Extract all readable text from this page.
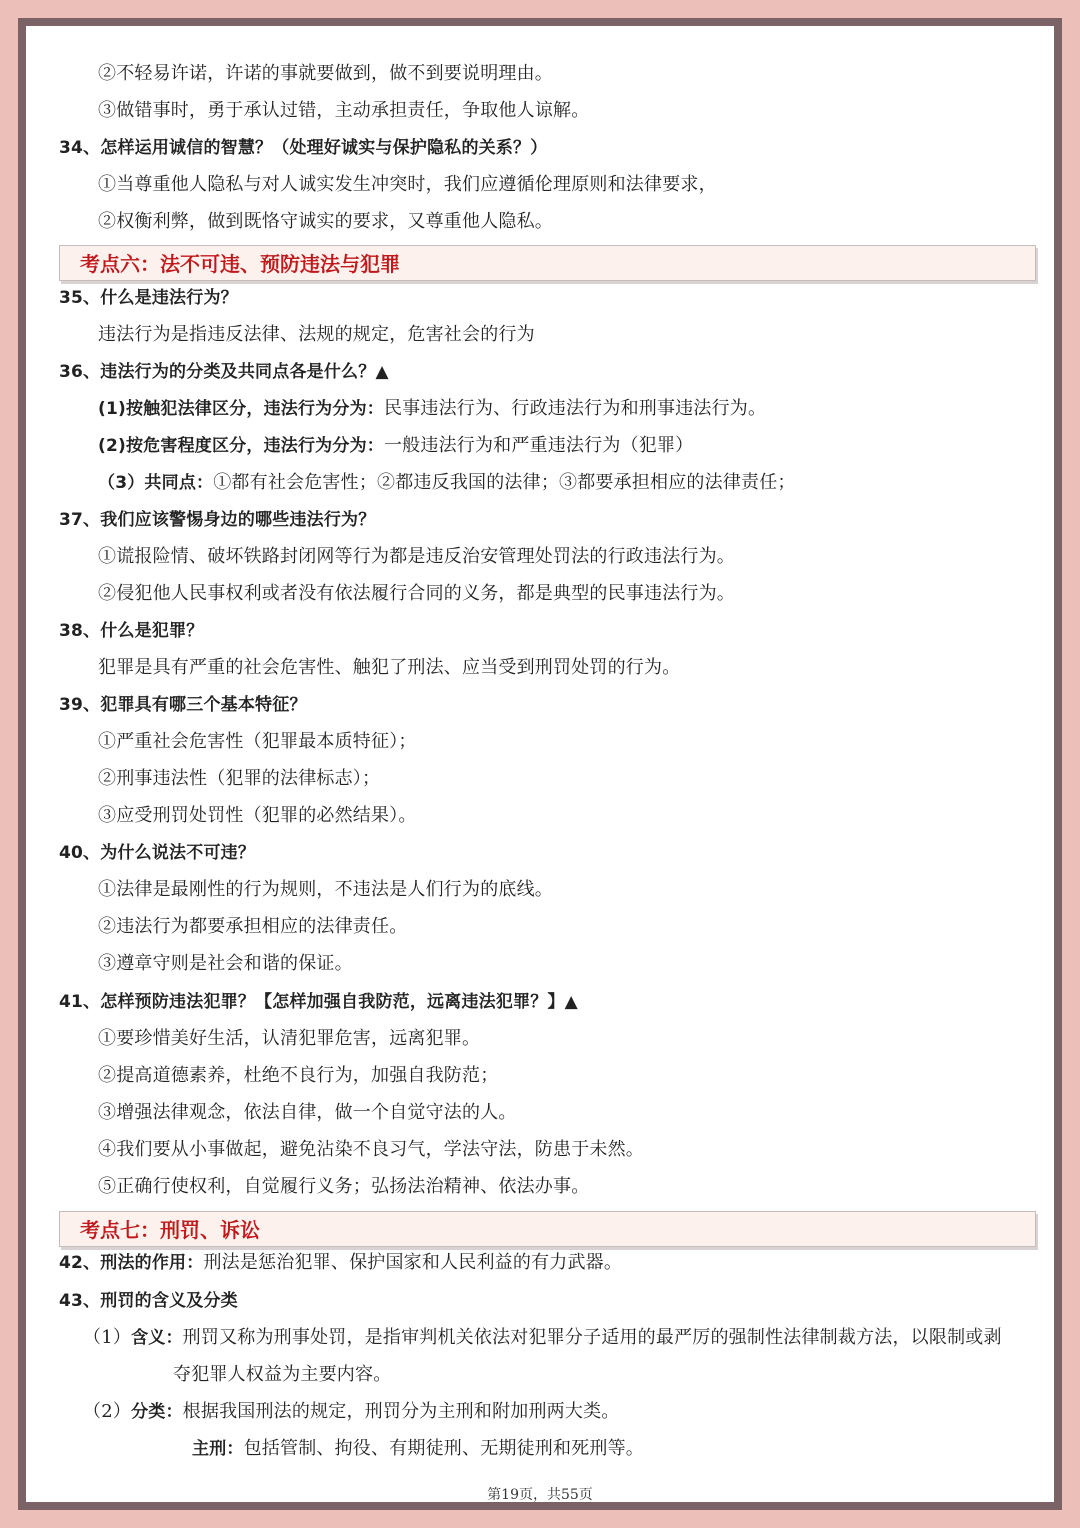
②不轻易许诺，许诺的事就要做到，做不到要说明理由。
③做错事时，勇于承认过错，主动承担责任，争取他人谅解。
34、怎样运用诚信的智慧？（处理好诚实与保护隐私的关系？）
①当尊重他人隐私与对人诚实发生冲突时，我们应遵循伦理原则和法律要求，
②权衡利弊，做到既恪守诚实的要求，又尊重他人隐私。
考点六：法不可违、预防违法与犯罪
35、什么是违法行为？
违法行为是指违反法律、法规的规定，危害社会的行为
36、违法行为的分类及共同点各是什么？▲
(1)按触犯法律区分，违法行为分为：民事违法行为、行政违法行为和刑事违法行为。
(2)按危害程度区分，违法行为分为：一般违法行为和严重违法行为（犯罪）
（3）共同点：①都有社会危害性；②都违反我国的法律；③都要承担相应的法律责任；
37、我们应该警惕身边的哪些违法行为？
①谎报险情、破坏铁路封闭网等行为都是违反治安管理处罚法的行政违法行为。
②侵犯他人民事权利或者没有依法履行合同的义务，都是典型的民事违法行为。
38、什么是犯罪？
犯罪是具有严重的社会危害性、触犯了刑法、应当受到刑罚处罚的行为。
39、犯罪具有哪三个基本特征？
①严重社会危害性（犯罪最本质特征）；
②刑事违法性（犯罪的法律标志）；
③应受刑罚处罚性（犯罪的必然结果）。
40、为什么说法不可违？
①法律是最刚性的行为规则，不违法是人们行为的底线。
②违法行为都要承担相应的法律责任。
③遵章守则是社会和谐的保证。
41、怎样预防违法犯罪？【怎样加强自我防范，远离违法犯罪？】▲
①要珍惜美好生活，认清犯罪危害，远离犯罪。
②提高道德素养，杜绝不良行为，加强自我防范；
③增强法律观念，依法自律，做一个自觉守法的人。
④我们要从小事做起，避免沾染不良习气，学法守法，防患于未然。
⑤正确行使权利，自觉履行义务；弘扬法治精神、依法办事。
考点七：刑罚、诉讼
42、刑法的作用：刑法是惩治犯罪、保护国家和人民利益的有力武器。
43、刑罚的含义及分类
（1）含义：刑罚又称为刑事处罚，是指审判机关依法对犯罪分子适用的最严厉的强制性法律制裁方法，以限制或剥
夺犯罪人权益为主要内容。
（2）分类：根据我国刑法的规定，刑罚分为主刑和附加刑两大类。
主刑：包括管制、拘役、有期徒刑、无期徒刑和死刑等。
第19页，共55页
